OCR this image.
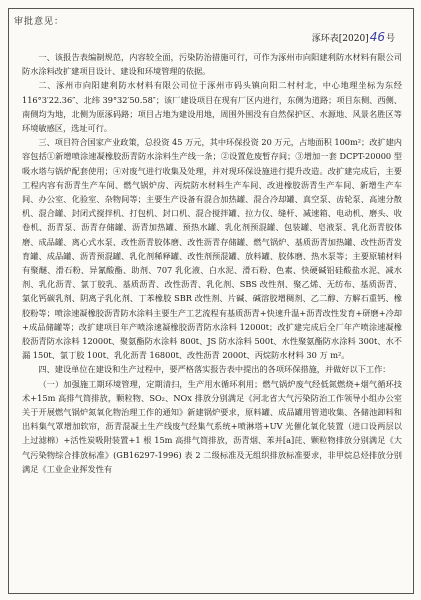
审批意见：
涿环表[2020]46号

一、该报告表编制规范，内容较全面，污染防治措施可行，可作为涿州市向阳建利防水材料有限公司防水涂料改扩建项目设计、建设和环境管理的依据。

二、涿州市向阳建利防水材料有限公司位于涿州市码头镇向阳二村村北，中心地理坐标为东经 116°3′22.36″、北纬 39°32′50.58″；该厂建设项目在现有厂区内进行，东侧为道路；项目东侧、西侧、南侧均为地，北侧为原涿码路；项目占地为建设用地，周围外围没有自然保护区、水源地、风景名胜区等环境敏感区，选址可行。

三、项目符合国家产业政策，总投资 45 万元，其中环保投资 20 万元，占地面积 100m²；改扩建内容包括①新增喷涂速凝橡胶沥青防水涂料生产线一条；②设置危废暂存间；③增加一套 DCPT-20000 型吸水塔与锅炉配套使用；④对废气进行收集及处理，并对现环保设施进行提升改造。改扩建完成后，主要工程内容有沥青生产车间、燃气锅炉房、丙烷防水材料生产车间、改进橡胶沥青生产车间、新增生产车间、办公室、化验室、杂物间等；主要生产设备有混合加热罐、混合冷却罐、真空泵、齿轮泵、高速分散机、混合罐、封闭式搅拌机、打包机、封口机、混合搅拌罐、拉力仪、缝杆、减速箱、电动机、磨头、收卷机、沥青泵、沥青存储罐、沥青加热罐、预热水罐、乳化剂预混罐、包装罐、皂液泵、乳化沥青胶体磨、成品罐、离心式水泵、改性沥青胶体磨、改性沥青存储罐、燃气锅炉、基质沥青加热罐、改性沥青发育罐、成品罐、沥青预混罐、乳化剂稀释罐、改性剂预混罐、放料罐、胶体磨、热水泵等；主要原辅材料有聚醚、滑石粉、异氰酸酯、助剂、707 乳化液、白水泥、滑石粉、色素、快硬碱铝硅酸盐水泥、减水剂、乳化沥青、氯丁胶乳、基质沥青、改性沥青、乳化剂、SBS 改性剂、聚乙烯、无纺布、基质沥青、氯化钙碳乳剂、阴离子乳化剂、丁苯橡胶 SBR 改性剂、片碱、碱溶胶增稠剂、乙二醇、方解石重钙、橡胶粉等；喷涂速凝橡胶沥青防水涂料主要生产工艺流程有基质沥青+快速升温+沥青改性发育+研磨+冷却+成品储罐等；改扩建项目年产喷涂速凝橡胶沥青防水涂料 12000t；改扩建完成后全厂年产喷涂速凝橡胶沥青防水涂料 12000t、聚氨酯防水涂料 800t、JS 防水涂料 500t、水性聚氨酯防水涂料 300t、水不漏 150t、氯丁胶 100t、乳化沥青 16800t、改性沥青 2000t、丙烷防水材料 30 万 m²。

四、建设单位在建设和生产过程中，要严格落实报告表中提出的各项环保措施，并做好以下工作：

（一）加强施工期环境管理，定期清扫，生产用水循环利用；燃气锅炉废气经低氮燃烧+烟气循环技术+15m 高排气筒排放，颗粒物、SO₂、NOx 排放分别满足《河北省大气污染防治工作领导小组办公室关于开展燃气锅炉氮氧化物治理工作的通知》新建锅炉要求，原料罐、成品罐用管道收集、各储池卸料和出料集气罩增加软帘，沥青混凝土生产线废气经集气系统+喷淋塔+UV 光催化氧化装置（进口设两层以上过滤棉）+活性炭吸附装置+1 根 15m 高排气筒排放，沥青烟、苯并[a]芘、颗粒物排放分别满足《大气污染物综合排放标准》(GB16297-1996) 表 2 二级标准及无组织排放标准要求，非甲烷总烃排放分别满足《工业企业挥发性有
